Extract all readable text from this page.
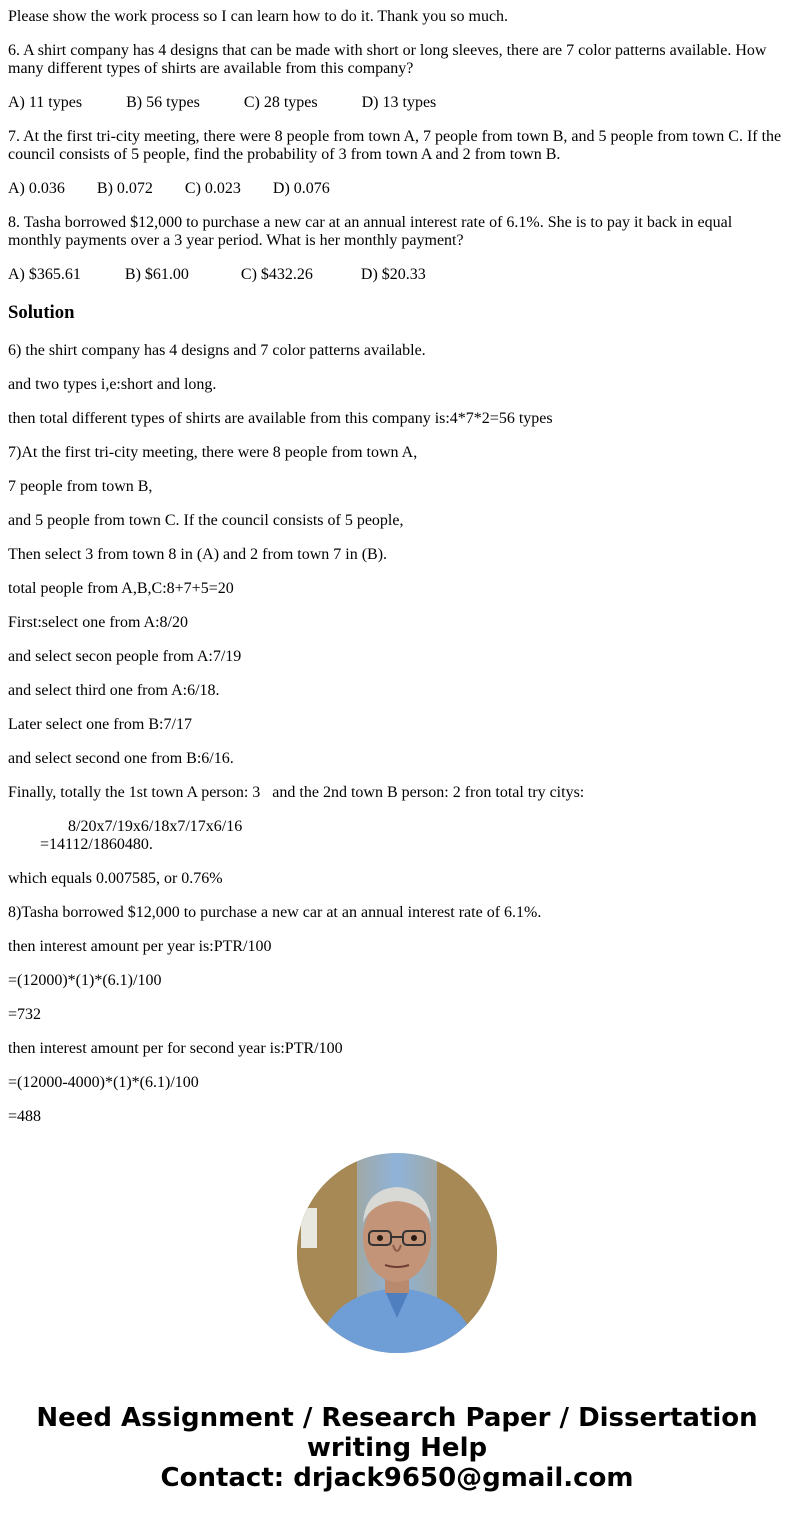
Please show the work process so I can learn how to do it. Thank you so much.

6. A shirt company has 4 designs that can be made with short or long sleeves, there are 7 color patterns available. How many different types of shirts are available from this company?

A) 11 types	B) 56 types	C) 28 types	D) 13 types

7. At the first tri-city meeting, there were 8 people from town A, 7 people from town B, and 5 people from town C. If the council consists of 5 people, find the probability of 3 from town A and 2 from town B.

A) 0.036 B) 0.072 C) 0.023 D) 0.076

8. Tasha borrowed $12,000 to purchase a new car at an annual interest rate of 6.1%. She is to pay it back in equal monthly payments over a 3 year period. What is her monthly payment?

A) $365.61	B) $61.00	C) $432.26	D) $20.33

Solution

6) the shirt company has 4 designs and 7 color patterns available.

and two types i,e:short and long.

then total different types of shirts are available from this company is:4*7*2=56 types

7)At the first tri-city meeting, there were 8 people from town A,

7 people from town B,

and 5 people from town C. If the council consists of 5 people,

Then select 3 from town 8 in (A) and 2 from town 7 in (B).

total people from A,B,C:8+7+5=20

First:select one from A:8/20

and select secon people from A:7/19

and select third one from A:6/18.

Later select one from B:7/17

and select second one from B:6/16.

Finally, totally the 1st town A person: 3   and the 2nd town B person: 2 fron total try citys:

8/20x7/19x6/18x7/17x6/16
=14112/1860480.

which equals 0.007585, or 0.76%

8)Tasha borrowed $12,000 to purchase a new car at an annual interest rate of 6.1%.

then interest amount per year is:PTR/100

=(12000)*(1)*(6.1)/100

=732

then interest amount per for second year is:PTR/100

=(12000-4000)*(1)*(6.1)/100

=488

Need Assignment / Research Paper / Dissertation
writing Help
Contact: drjack9650@gmail.com
